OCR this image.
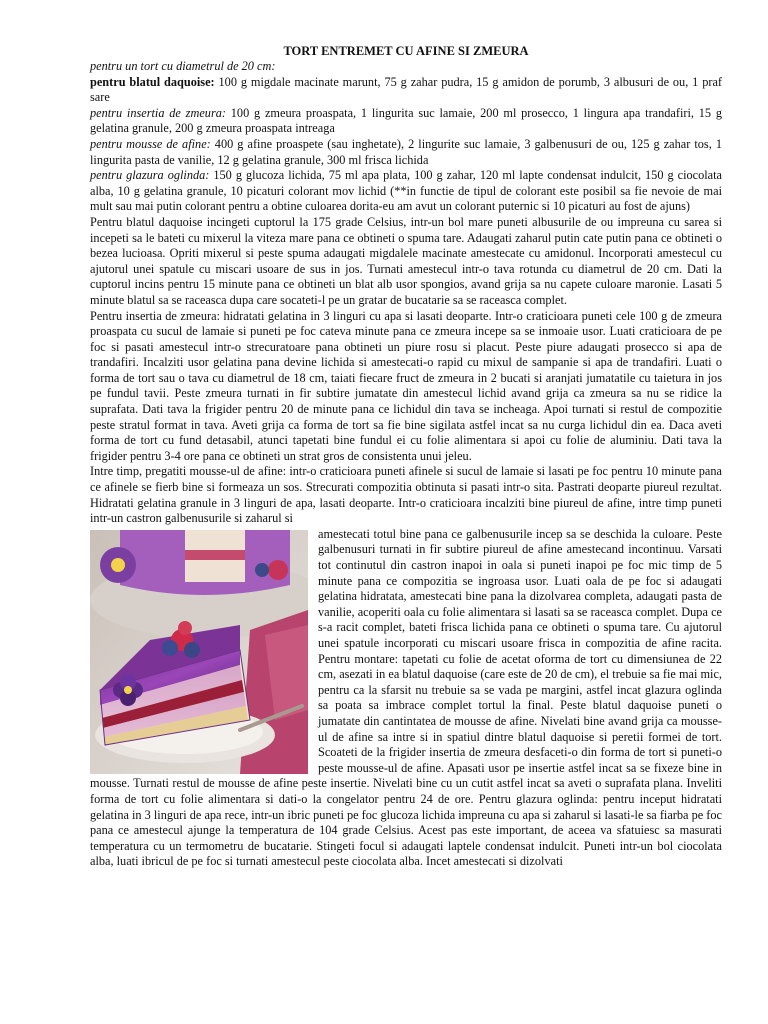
TORT ENTREMET CU AFINE SI ZMEURA

pentru un tort cu diametrul de 20 cm:

pentru blatul daquoise: 100 g migdale macinate marunt, 75 g zahar pudra, 15 g amidon de porumb, 3 albusuri de ou, 1 praf sare

pentru insertia de zmeura: 100 g zmeura proaspata, 1 lingurita suc lamaie, 200 ml prosecco, 1 lingura apa trandafiri, 15 g gelatina granule, 200 g zmeura proaspata intreaga

pentru mousse de afine: 400 g afine proaspete (sau inghetate), 2 lingurite suc lamaie, 3 galbenusuri de ou, 125 g zahar tos, 1 lingurita pasta de vanilie, 12 g gelatina granule, 300 ml frisca lichida

pentru glazura oglinda: 150 g glucoza lichida, 75 ml apa plata, 100 g zahar, 120 ml lapte condensat indulcit, 150 g ciocolata alba, 10 g gelatina granule, 10 picaturi colorant mov lichid (**in functie de tipul de colorant este posibil sa fie nevoie de mai mult sau mai putin colorant pentru a obtine culoarea dorita-eu am avut un colorant puternic si 10 picaturi au fost de ajuns)

Pentru blatul daquoise incingeti cuptorul la 175 grade Celsius, intr-un bol mare puneti albusurile de ou impreuna cu sarea si incepeti sa le bateti cu mixerul la viteza mare pana ce obtineti o spuma tare. Adaugati zaharul putin cate putin pana ce obtineti o bezea lucioasa. Opriti mixerul si peste spuma adaugati migdalele macinate amestecate cu amidonul. Incorporati amestecul cu ajutorul unei spatule cu miscari usoare de sus in jos. Turnati amestecul intr-o tava rotunda cu diametrul de 20 cm. Dati la cuptorul incins pentru 15 minute pana ce obtineti un blat alb usor spongios, avand grija sa nu capete culoare maronie. Lasati 5 minute blatul sa se raceasca dupa care socateti-l pe un gratar de bucatarie sa se raceasca complet.

Pentru insertia de zmeura: hidratati gelatina in 3 linguri cu apa si lasati deoparte. Intr-o craticioara puneti cele 100 g de zmeura proaspata cu sucul de lamaie si puneti pe foc cateva minute pana ce zmeura incepe sa se inmoaie usor. Luati craticioara de pe foc si pasati amestecul intr-o strecuratoare pana obtineti un piure rosu si placut. Peste piure adaugati prosecco si apa de trandafiri. Incalziti usor gelatina pana devine lichida si amestecati-o rapid cu mixul de sampanie si apa de trandafiri. Luati o forma de tort sau o tava cu diametrul de 18 cm, taiati fiecare fruct de zmeura in 2 bucati si aranjati jumatatile cu taietura in jos pe fundul tavii. Peste zmeura turnati in fir subtire jumatate din amestecul lichid avand grija ca zmeura sa nu se ridice la suprafata. Dati tava la frigider pentru 20 de minute pana ce lichidul din tava se incheaga. Apoi turnati si restul de compozitie peste stratul format in tava. Aveti grija ca forma de tort sa fie bine sigilata astfel incat sa nu curga lichidul din ea. Daca aveti forma de tort cu fund detasabil, atunci tapetati bine fundul ei cu folie alimentara si apoi cu folie de aluminiu. Dati tava la frigider pentru 3-4 ore pana ce obtineti un strat gros de consistenta unui jeleu.

Intre timp, pregatiti mousse-ul de afine: intr-o craticioara puneti afinele si sucul de lamaie si lasati pe foc pentru 10 minute pana ce afinele se fierb bine si formeaza un sos. Strecurati compozitia obtinuta si pasati intr-o sita. Pastrati deoparte piureul rezultat. Hidratati gelatina granule in 3 linguri de apa, lasati deoparte. Intr-o craticioara incalziti bine piureul de afine, intre timp puneti intr-un castron galbenusurile si zaharul si

amestecati totul bine pana ce galbenusurile incep sa se deschida la culoare. Peste galbenusuri turnati in fir subtire piureul de afine amestecand incontinuu. Varsati tot continutul din castron inapoi in oala si puneti inapoi pe foc mic timp de 5 minute pana ce compozitia se ingroasa usor. Luati oala de pe foc si adaugati gelatina hidratata, amestecati bine pana la dizolvarea completa, adaugati pasta de vanilie, acoperiti oala cu folie alimentara si lasati sa se raceasca complet. Dupa ce s-a racit complet, bateti frisca lichida pana ce obtineti o spuma tare. Cu ajutorul unei spatule incorporati cu miscari usoare frisca in compozitia de afine racita. Pentru montare: tapetati cu folie de acetat oforma de tort cu dimensiunea de 22 cm, asezati in ea blatul daquoise (care este de 20 de cm), el trebuie sa fie mai mic, pentru ca la sfarsit nu trebuie sa se vada pe margini, astfel incat glazura oglinda sa poata sa imbrace complet tortul la final. Peste blatul daquoise puneti o jumatate din cantintatea de mousse de afine. Nivelati bine avand grija ca mousse-ul de afine sa intre si in spatiul dintre blatul daquoise si peretii formei de tort. Scoateti de la frigider insertia de zmeura desfaceti-o din forma de tort si puneti-o peste mousse-ul de afine. Apasati usor pe insertie astfel incat sa se fixeze bine in mousse. Turnati restul de mousse de afine peste insertie. Nivelati bine cu un cutit astfel incat sa aveti o suprafata plana. Inveliti forma de tort cu folie alimentara si dati-o la congelator pentru 24 de ore. Pentru glazura oglinda: pentru inceput hidratati gelatina in 3 linguri de apa rece, intr-un ibric puneti pe foc glucoza lichida impreuna cu apa si zaharul si lasati-le sa fiarba pe foc pana ce amestecul ajunge la temperatura de 104 grade Celsius. Acest pas este important, de aceea va sfatuiesc sa masurati temperatura cu un termometru de bucatarie. Stingeti focul si adaugati laptele condensat indulcit. Puneti intr-un bol ciocolata alba, luati ibricul de pe foc si turnati amestecul peste ciocolata alba. Incet amestecati si dizolvati
